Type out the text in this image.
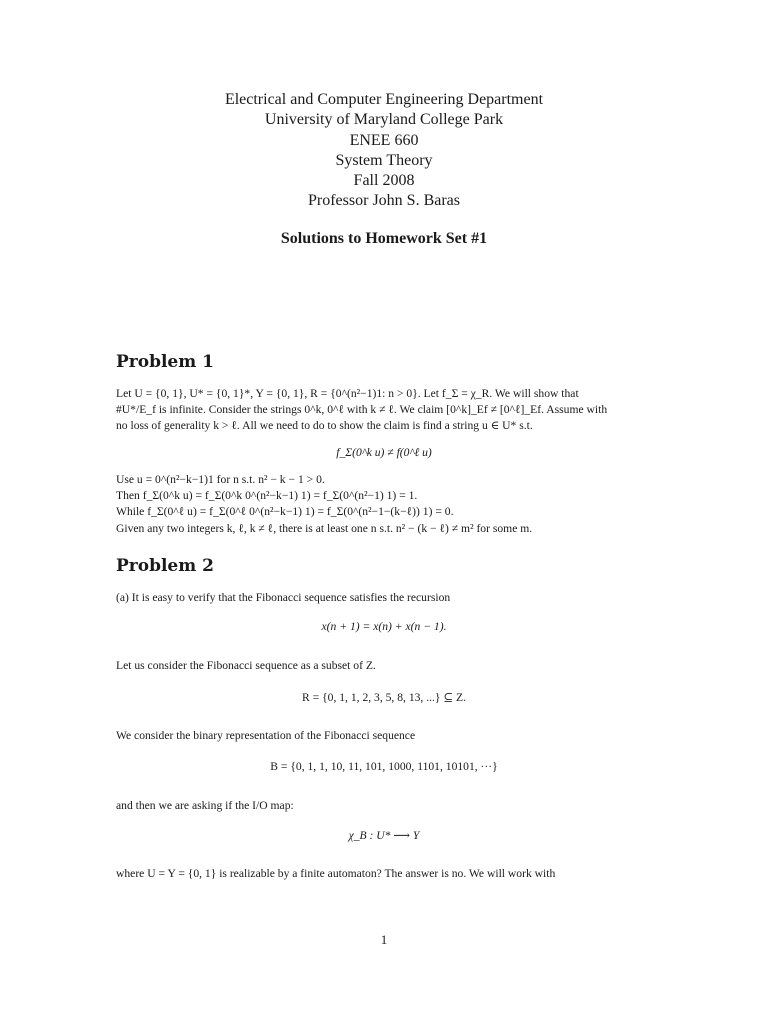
Electrical and Computer Engineering Department
University of Maryland College Park
ENEE 660
System Theory
Fall 2008
Professor John S. Baras
Solutions to Homework Set #1
Problem 1
Let U = {0, 1}, U* = {0, 1}*, Y = {0, 1}, R = {0^(n²−1)1: n > 0}. Let f_Σ = χ_R. We will show that
#U*/E_f is infinite. Consider the strings 0^k, 0^ℓ with k ≠ ℓ. We claim [0^k]_Ef ≠ [0^ℓ]_Ef. Assume with
no loss of generality k > ℓ. All we need to do to show the claim is find a string u ∈ U* s.t.
f_Σ(0^k u) ≠ f(0^ℓ u)
Use u = 0^(n²−k−1)1 for n s.t. n² − k − 1 > 0.
Then f_Σ(0^k u) = f_Σ(0^k 0^(n²−k−1) 1) = f_Σ(0^(n²−1) 1) = 1.
While f_Σ(0^ℓ u) = f_Σ(0^ℓ 0^(n²−k−1) 1) = f_Σ(0^(n²−1−(k−ℓ)) 1) = 0.
Given any two integers k, ℓ, k ≠ ℓ, there is at least one n s.t. n² − (k − ℓ) ≠ m² for some m.
Problem 2
(a) It is easy to verify that the Fibonacci sequence satisfies the recursion
x(n + 1) = x(n) + x(n − 1).
Let us consider the Fibonacci sequence as a subset of Z.
R = {0, 1, 1, 2, 3, 5, 8, 13, ...} ⊆ Z.
We consider the binary representation of the Fibonacci sequence
B = {0, 1, 1, 10, 11, 101, 1000, 1101, 10101, ···}
and then we are asking if the I/O map:
χ_B : U* ⟶ Y
where U = Y = {0, 1} is realizable by a finite automaton? The answer is no. We will work with
1
